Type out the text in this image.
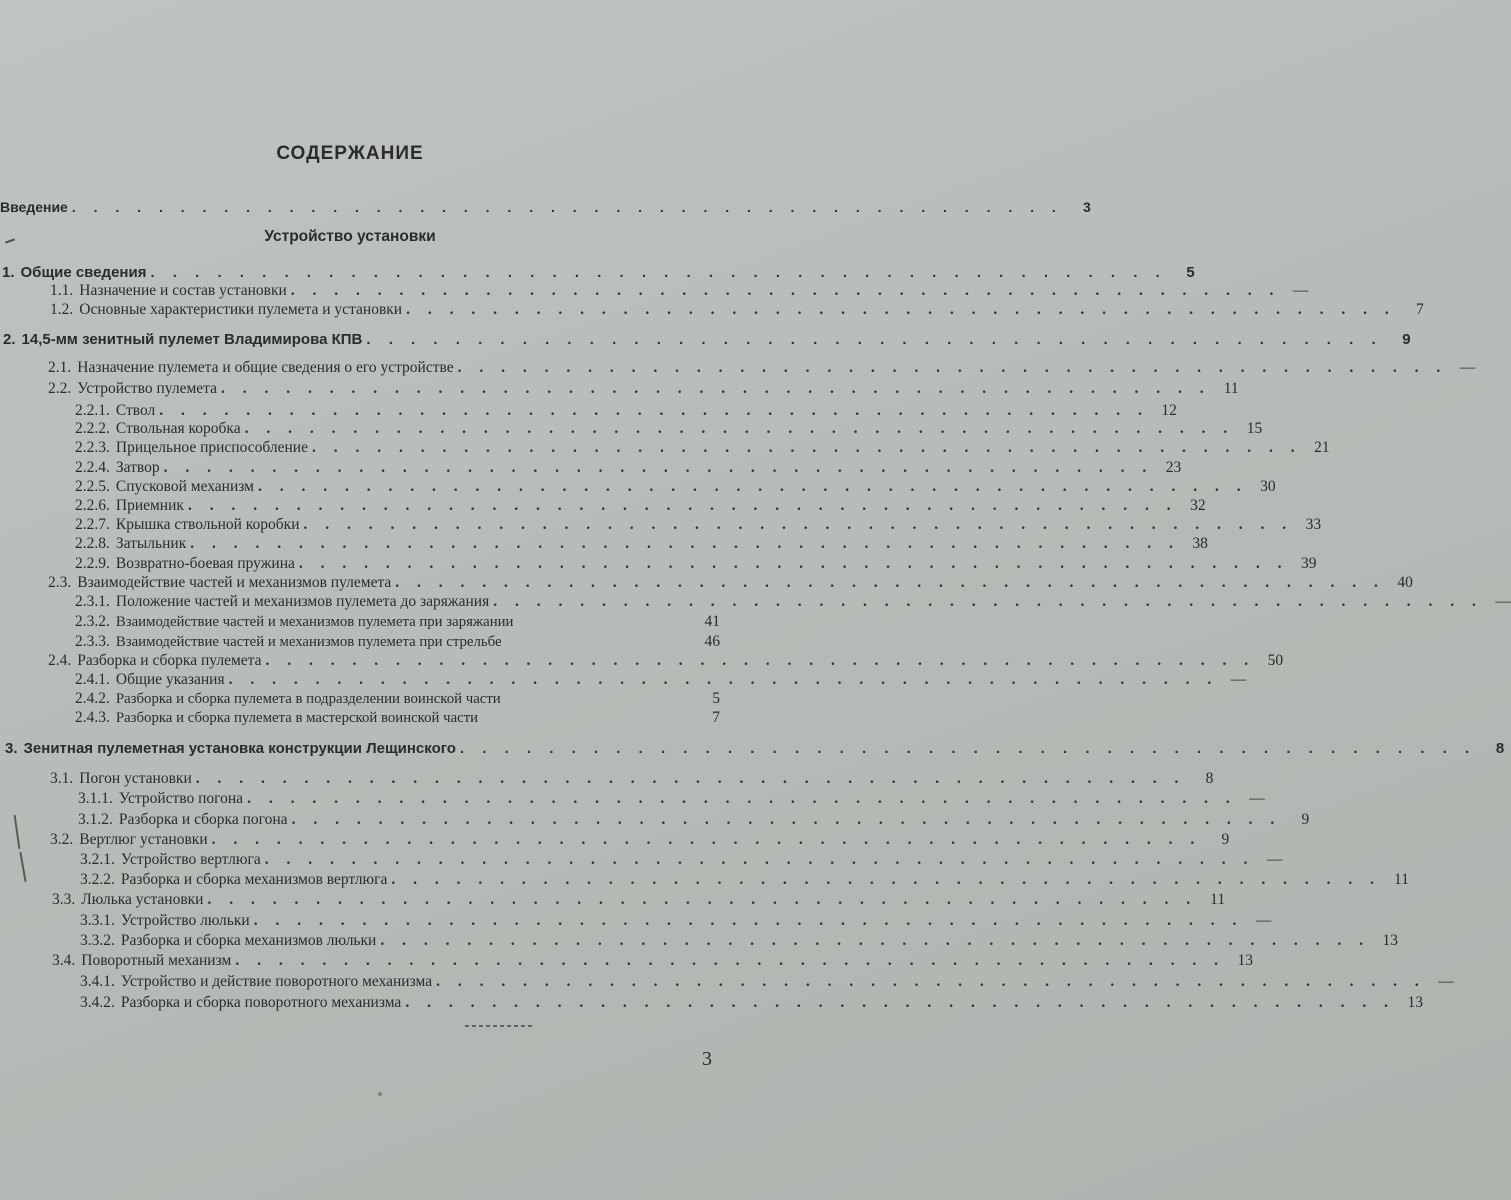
СОДЕРЖАНИЕ
Введение . . . . . . . . . . . . . . . . . . . . . . . . . . . . . . . . . . . . . . . . . . . . . .	3
Устройство установки
1. Общие сведения . . . . . . . . . . . . . . . . . . . . . . . . . . . . . . . . . . . . . . . . . . . . . .	5
1.1. Назначение и состав установки . . . . . . . . . . . . . . . . . . . . . . . . . . . . . . . . . . . . . . . . . . . . . . —
1.2. Основные характеристики пулемета и установки . . . . . . . . . . . . . . . . . . . . . . . . . . . . . . . . . . . . . . . . . . . . . .	7
2. 14,5-мм зенитный пулемет Владимирова КПВ . . . . . . . . . . . . . . . . . . . . . . . . . . . . . . . . . . . . . . . . . . . . . .	9
2.1. Назначение пулемета и общие сведения о его устройстве . . . . . . . . . . . . . . . . . . . . . . . . . . . . . . . . . . . . . . . . . . . . . . —
2.2. Устройство пулемета . . . . . . . . . . . . . . . . . . . . . . . . . . . . . . . . . . . . . . . . . . . . . . 11
2.2.1. Ствол . . . . . . . . . . . . . . . . . . . . . . . . . . . . . . . . . . . . . . . . . . . . . . 12
2.2.2. Ствольная коробка . . . . . . . . . . . . . . . . . . . . . . . . . . . . . . . . . . . . . . . . . . . . . . 15
2.2.3. Прицельное приспособление . . . . . . . . . . . . . . . . . . . . . . . . . . . . . . . . . . . . . . . . . . . . . . 21
2.2.4. Затвор . . . . . . . . . . . . . . . . . . . . . . . . . . . . . . . . . . . . . . . . . . . . . . 23
2.2.5. Спусковой механизм . . . . . . . . . . . . . . . . . . . . . . . . . . . . . . . . . . . . . . . . . . . . . . 30
2.2.6. Приемник . . . . . . . . . . . . . . . . . . . . . . . . . . . . . . . . . . . . . . . . . . . . . . 32
2.2.7. Крышка ствольной коробки . . . . . . . . . . . . . . . . . . . . . . . . . . . . . . . . . . . . . . . . . . . . . . 33
2.2.8. Затыльник . . . . . . . . . . . . . . . . . . . . . . . . . . . . . . . . . . . . . . . . . . . . . . 38
2.2.9. Возвратно-боевая пружина . . . . . . . . . . . . . . . . . . . . . . . . . . . . . . . . . . . . . . . . . . . . . . 39
2.3. Взаимодействие частей и механизмов пулемета . . . . . . . . . . . . . . . . . . . . . . . . . . . . . . . . . . . . . . . . . . . . . . 40
2.3.1. Положение частей и механизмов пулемета до заряжания . . . . . . . . . . . . . . . . . . . . . . . . . . . . . . . . . . . . . . . . . . . . . . —
2.3.2. Взаимодействие частей и механизмов пулемета при заряжании	41
2.3.3. Взаимодействие частей и механизмов пулемета при стрельбе	46
2.4. Разборка и сборка пулемета . . . . . . . . . . . . . . . . . . . . . . . . . . . . . . . . . . . . . . . . . . . . . . 50
2.4.1. Общие указания . . . . . . . . . . . . . . . . . . . . . . . . . . . . . . . . . . . . . . . . . . . . . . —
2.4.2. Разборка и сборка пулемета в подразделении воинской части	5
2.4.3. Разборка и сборка пулемета в мастерской воинской части	7
3. Зенитная пулеметная установка конструкции Лещинского . . . . . . . . . . . . . . . . . . . . . . . . . . . . . . . . . . . . . . . . . . . . . .	8
3.1. Погон установки . . . . . . . . . . . . . . . . . . . . . . . . . . . . . . . . . . . . . . . . . . . . . .	8
3.1.1. Устройство погона . . . . . . . . . . . . . . . . . . . . . . . . . . . . . . . . . . . . . . . . . . . . . . —
3.1.2. Разборка и сборка погона . . . . . . . . . . . . . . . . . . . . . . . . . . . . . . . . . . . . . . . . . . . . . .	9
3.2. Вертлюг установки . . . . . . . . . . . . . . . . . . . . . . . . . . . . . . . . . . . . . . . . . . . . . .	9
3.2.1. Устройство вертлюга . . . . . . . . . . . . . . . . . . . . . . . . . . . . . . . . . . . . . . . . . . . . . . —
3.2.2. Разборка и сборка механизмов вертлюга . . . . . . . . . . . . . . . . . . . . . . . . . . . . . . . . . . . . . . . . . . . . . . 11
3.3. Люлька установки . . . . . . . . . . . . . . . . . . . . . . . . . . . . . . . . . . . . . . . . . . . . . . 11
3.3.1. Устройство люльки . . . . . . . . . . . . . . . . . . . . . . . . . . . . . . . . . . . . . . . . . . . . . . —
3.3.2. Разборка и сборка механизмов люльки . . . . . . . . . . . . . . . . . . . . . . . . . . . . . . . . . . . . . . . . . . . . . . 13
3.4. Поворотный механизм . . . . . . . . . . . . . . . . . . . . . . . . . . . . . . . . . . . . . . . . . . . . . . 13
3.4.1. Устройство и действие поворотного механизма . . . . . . . . . . . . . . . . . . . . . . . . . . . . . . . . . . . . . . . . . . . . . . —
3.4.2. Разборка и сборка поворотного механизма . . . . . . . . . . . . . . . . . . . . . . . . . . . . . . . . . . . . . . . . . . . . . . 13
3
